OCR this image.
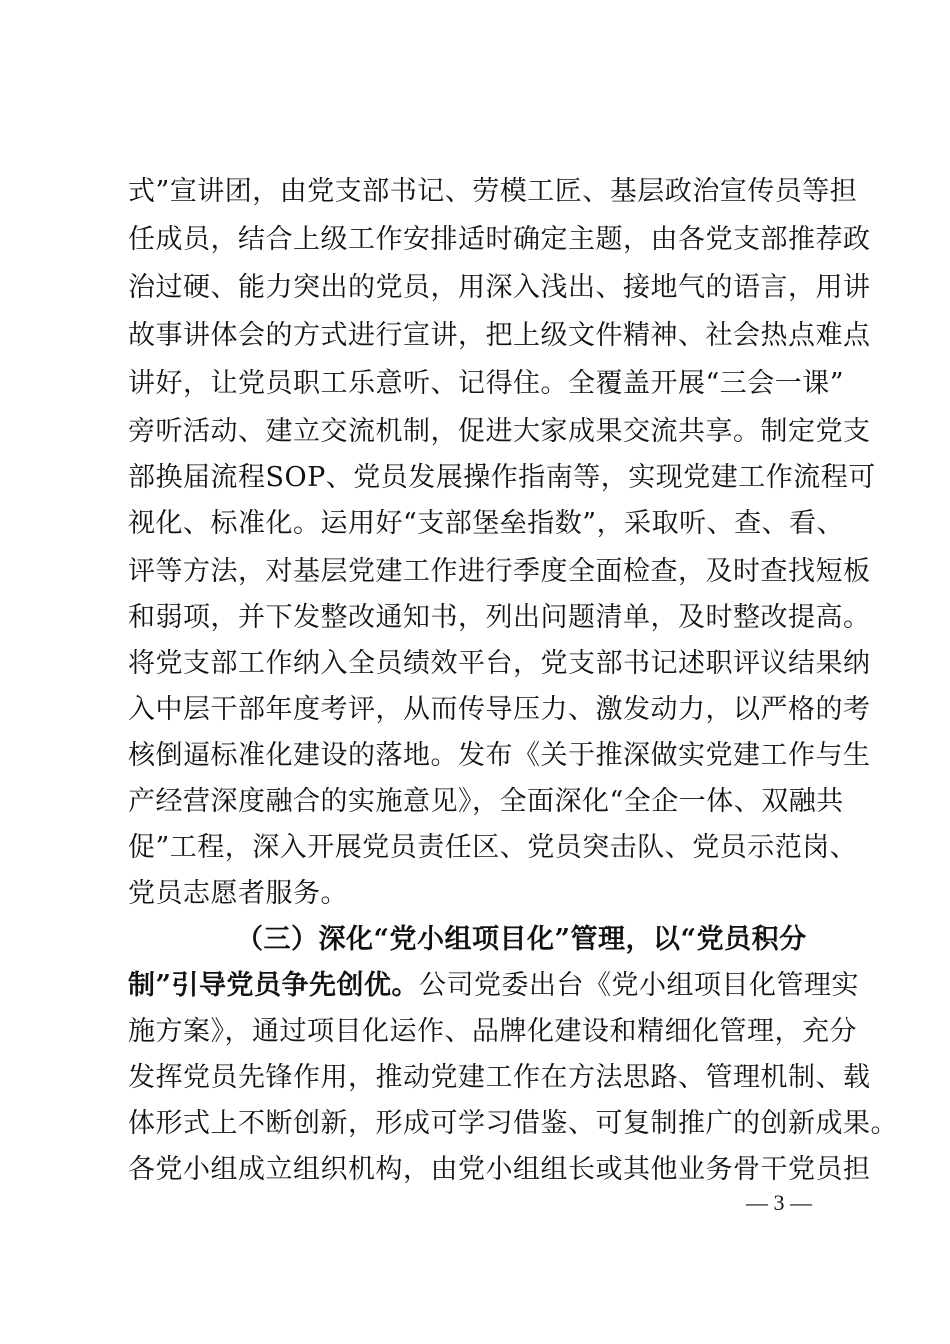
式”宣讲团，由党支部书记、劳模工匠、基层政治宣传员等担
任成员，结合上级工作安排适时确定主题，由各党支部推荐政
治过硬、能力突出的党员，用深入浅出、接地气的语言，用讲
故事讲体会的方式进行宣讲，把上级文件精神、社会热点难点
讲好，让党员职工乐意听、记得住。全覆盖开展“三会一课”
旁听活动、建立交流机制，促进大家成果交流共享。制定党支
部换届流程SOP、党员发展操作指南等，实现党建工作流程可
视化、标准化。运用好“支部堡垒指数”，采取听、查、看、
评等方法，对基层党建工作进行季度全面检查，及时查找短板
和弱项，并下发整改通知书，列出问题清单，及时整改提高。
将党支部工作纳入全员绩效平台，党支部书记述职评议结果纳
入中层干部年度考评，从而传导压力、激发动力，以严格的考
核倒逼标准化建设的落地。发布《关于推深做实党建工作与生
产经营深度融合的实施意见》，全面深化“全企一体、双融共
促”工程，深入开展党员责任区、党员突击队、党员示范岗、
党员志愿者服务。
（三）深化“党小组项目化”管理，以“党员积分
制”引导党员争先创优。公司党委出台《党小组项目化管理实
施方案》，通过项目化运作、品牌化建设和精细化管理，充分
发挥党员先锋作用，推动党建工作在方法思路、管理机制、载
体形式上不断创新，形成可学习借鉴、可复制推广的创新成果。
各党小组成立组织机构，由党小组组长或其他业务骨干党员担
— 3 —
